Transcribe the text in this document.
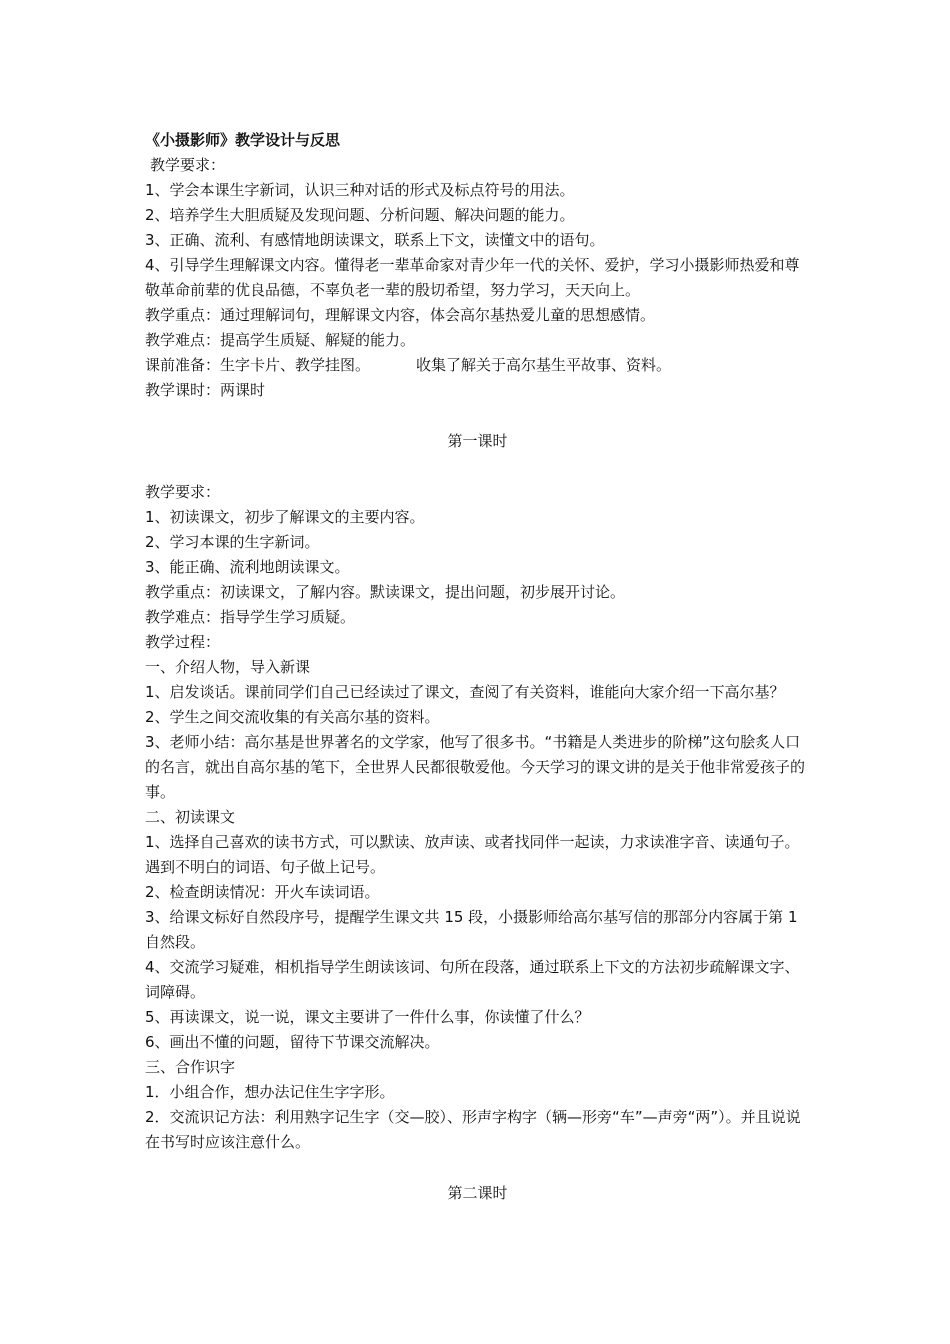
《小摄影师》教学设计与反思
教学要求：
1、学会本课生字新词，认识三种对话的形式及标点符号的用法。
2、培养学生大胆质疑及发现问题、分析问题、解决问题的能力。
3、正确、流利、有感情地朗读课文，联系上下文，读懂文中的语句。
4、引导学生理解课文内容。懂得老一辈革命家对青少年一代的关怀、爱护，学习小摄影师热爱和尊敬革命前辈的优良品德，不辜负老一辈的殷切希望，努力学习，天天向上。
教学重点：通过理解词句，理解课文内容，体会高尔基热爱儿童的思想感情。
教学难点：提高学生质疑、解疑的能力。
课前准备：生字卡片、教学挂图。	收集了解关于高尔基生平故事、资料。
教学课时：两课时
第一课时
教学要求：
1、初读课文，初步了解课文的主要内容。
2、学习本课的生字新词。
3、能正确、流利地朗读课文。
教学重点：初读课文，了解内容。默读课文，提出问题，初步展开讨论。
教学难点：指导学生学习质疑。
教学过程：
一、介绍人物，导入新课
1、启发谈话。课前同学们自己已经读过了课文，查阅了有关资料，谁能向大家介绍一下高尔基？
2、学生之间交流收集的有关高尔基的资料。
3、老师小结：高尔基是世界著名的文学家，他写了很多书。“书籍是人类进步的阶梯”这句脍炙人口的名言，就出自高尔基的笔下，全世界人民都很敬爱他。今天学习的课文讲的是关于他非常爱孩子的事。
二、初读课文
1、选择自己喜欢的读书方式，可以默读、放声读、或者找同伴一起读，力求读准字音、读通句子。遇到不明白的词语、句子做上记号。
2、检查朗读情况：开火车读词语。
3、给课文标好自然段序号，提醒学生课文共 15 段，小摄影师给高尔基写信的那部分内容属于第 1 自然段。
4、交流学习疑难，相机指导学生朗读该词、句所在段落，通过联系上下文的方法初步疏解课文字、词障碍。
5、再读课文，说一说，课文主要讲了一件什么事，你读懂了什么？
6、画出不懂的问题，留待下节课交流解决。
三、合作识字
1．小组合作，想办法记住生字字形。
2．交流识记方法：利用熟字记生字（交—胶）、形声字构字（辆—形旁“车”—声旁“两”）。并且说说在书写时应该注意什么。
第二课时
